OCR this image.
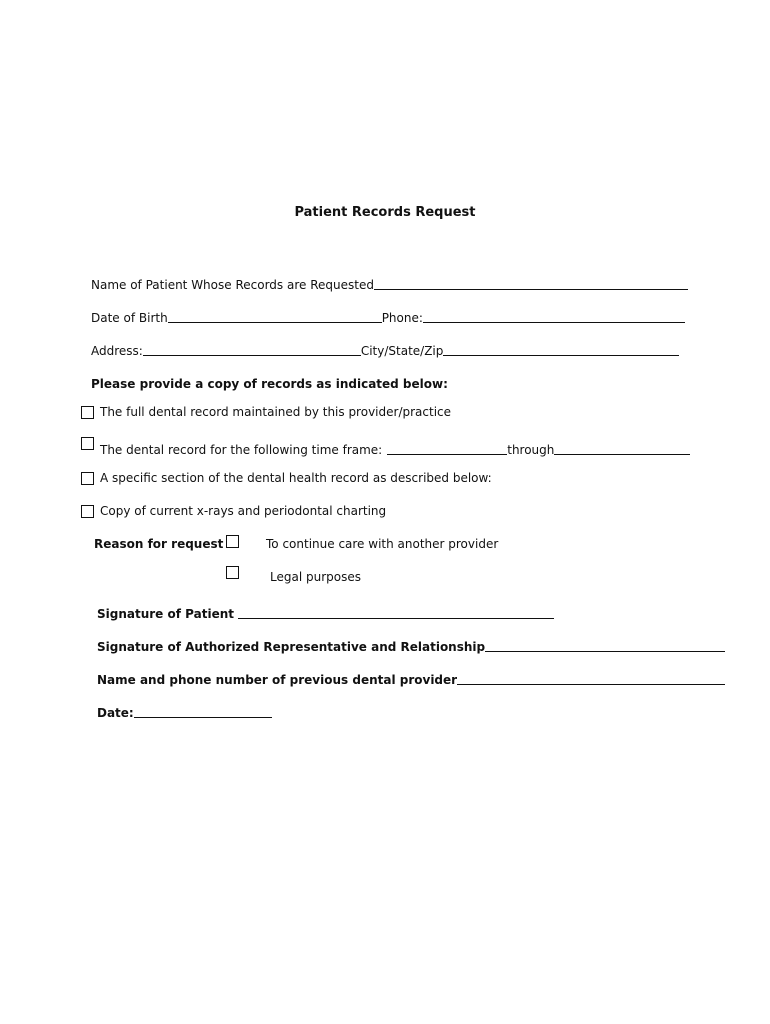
Patient Records Request
Name of Patient Whose Records are Requested
Date of Birth	Phone:
Address:	City/State/Zip
Please provide a copy of records as indicated below:
The full dental record maintained by this provider/practice
The dental record for the following time frame:	through
A specific section of the dental health record as described below:
Copy of current x-rays and periodontal charting
Reason for request	To continue care with another provider
Legal purposes
Signature of Patient
Signature of Authorized Representative and Relationship
Name and phone number of previous dental provider
Date:
